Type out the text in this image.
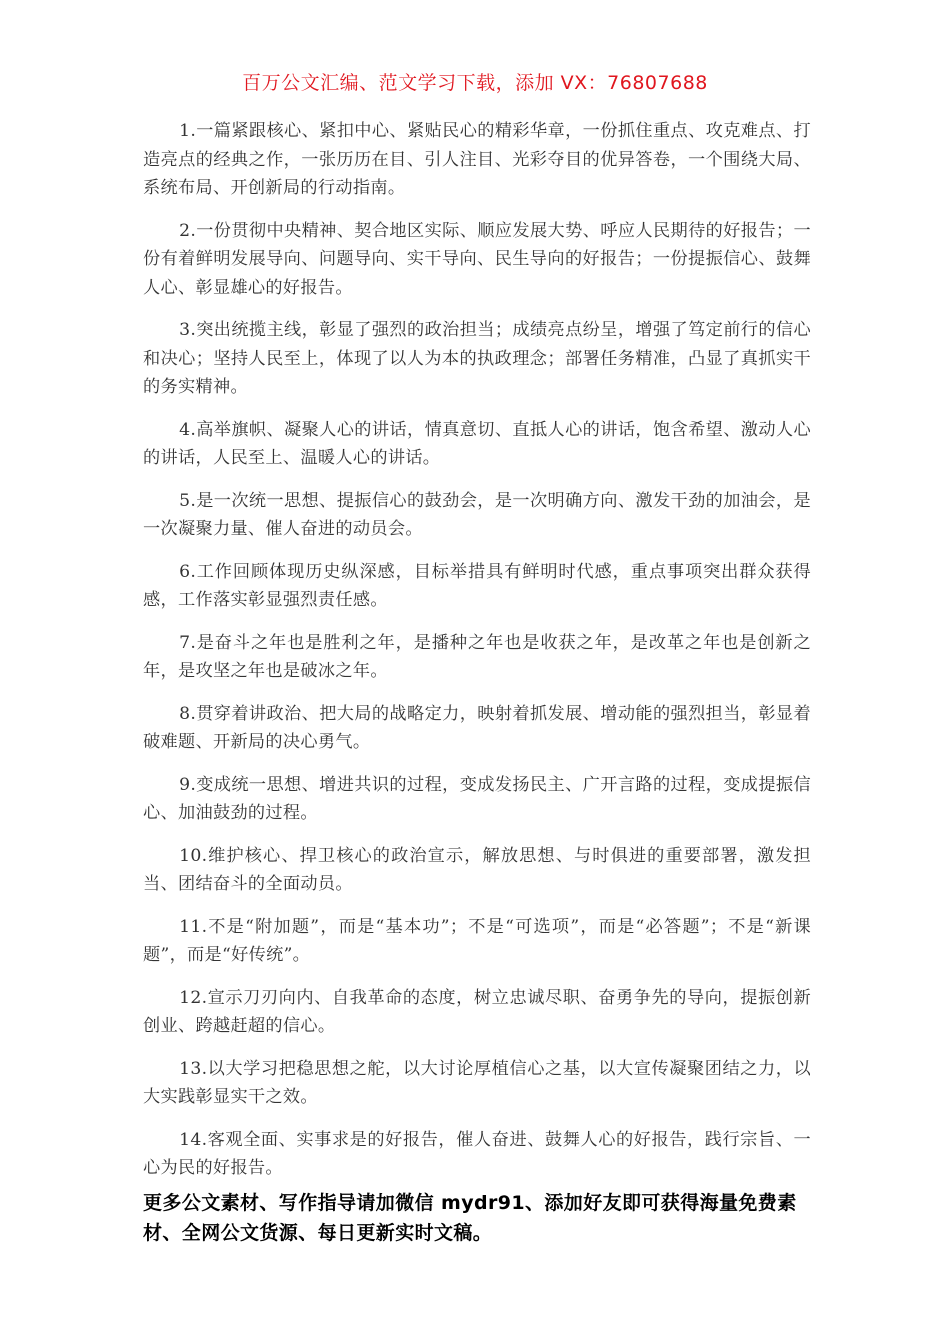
百万公文汇编、范文学习下载，添加 VX：76807688

1.一篇紧跟核心、紧扣中心、紧贴民心的精彩华章，一份抓住重点、攻克难点、打造亮点的经典之作，一张历历在目、引人注目、光彩夺目的优异答卷，一个围绕大局、系统布局、开创新局的行动指南。

2.一份贯彻中央精神、契合地区实际、顺应发展大势、呼应人民期待的好报告；一份有着鲜明发展导向、问题导向、实干导向、民生导向的好报告；一份提振信心、鼓舞人心、彰显雄心的好报告。

3.突出统揽主线，彰显了强烈的政治担当；成绩亮点纷呈，增强了笃定前行的信心和决心；坚持人民至上，体现了以人为本的执政理念；部署任务精准，凸显了真抓实干的务实精神。

4.高举旗帜、凝聚人心的讲话，情真意切、直抵人心的讲话，饱含希望、激动人心的讲话，人民至上、温暖人心的讲话。

5.是一次统一思想、提振信心的鼓劲会，是一次明确方向、激发干劲的加油会，是一次凝聚力量、催人奋进的动员会。

6.工作回顾体现历史纵深感，目标举措具有鲜明时代感，重点事项突出群众获得感，工作落实彰显强烈责任感。

7.是奋斗之年也是胜利之年，是播种之年也是收获之年，是改革之年也是创新之年，是攻坚之年也是破冰之年。

8.贯穿着讲政治、把大局的战略定力，映射着抓发展、增动能的强烈担当，彰显着破难题、开新局的决心勇气。

9.变成统一思想、增进共识的过程，变成发扬民主、广开言路的过程，变成提振信心、加油鼓劲的过程。

10.维护核心、捍卫核心的政治宣示，解放思想、与时俱进的重要部署，激发担当、团结奋斗的全面动员。

11.不是“附加题”，而是“基本功”；不是“可选项”，而是“必答题”；不是“新课题”，而是“好传统”。

12.宣示刀刃向内、自我革命的态度，树立忠诚尽职、奋勇争先的导向，提振创新创业、跨越赶超的信心。

13.以大学习把稳思想之舵，以大讨论厚植信心之基，以大宣传凝聚团结之力，以大实践彰显实干之效。

14.客观全面、实事求是的好报告，催人奋进、鼓舞人心的好报告，践行宗旨、一心为民的好报告。

更多公文素材、写作指导请加微信 mydr91、添加好友即可获得海量免费素材、全网公文货源、每日更新实时文稿。
